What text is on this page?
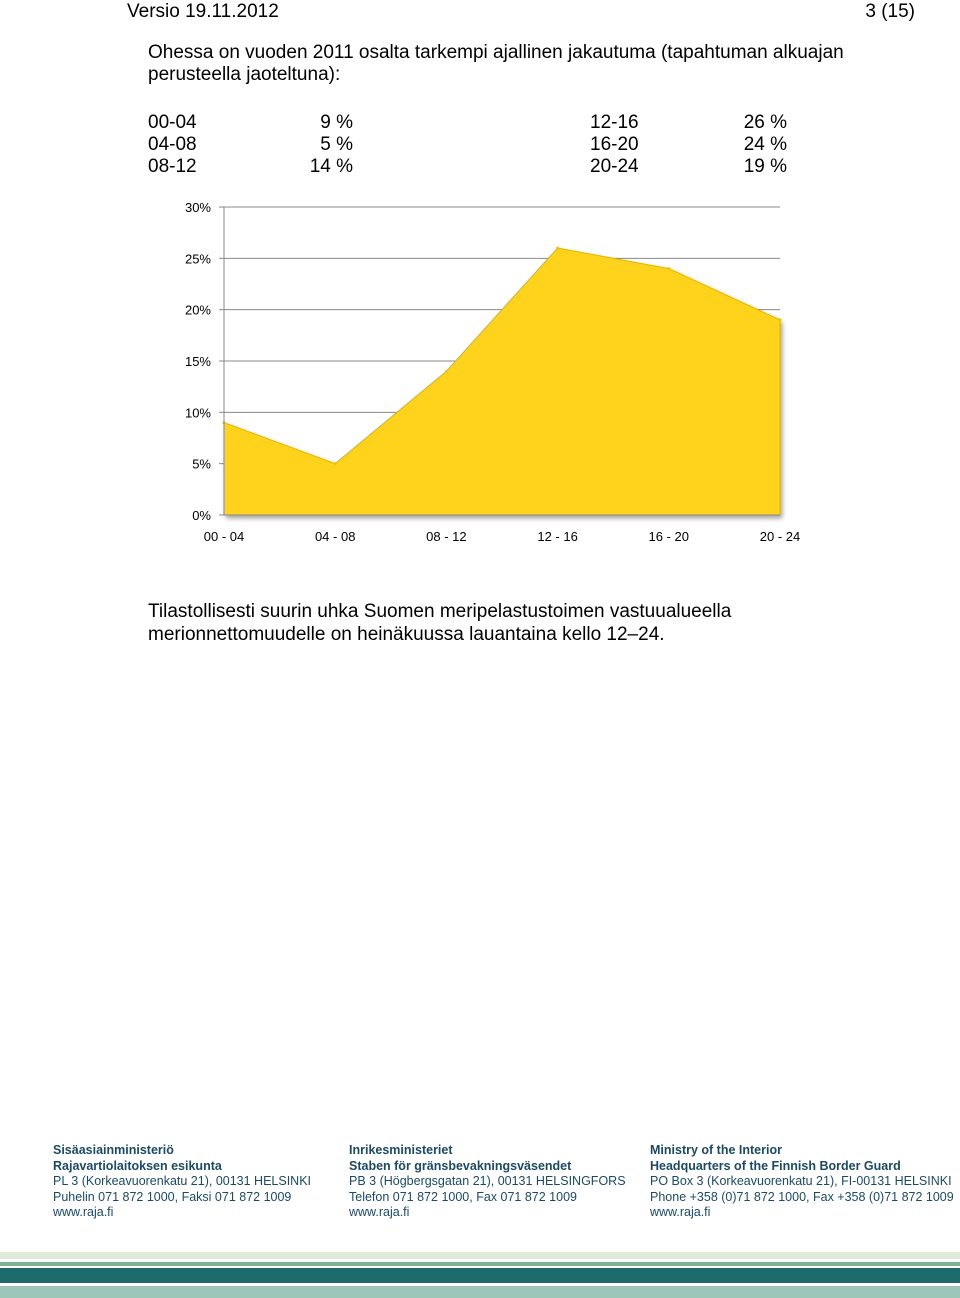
Versio 19.11.2012	3 (15)
Ohessa on vuoden 2011 osalta tarkempi ajallinen jakautuma (tapahtuman alkuajan perusteella jaoteltuna):
00-04	9 %
04-08	5 %
08-12	14 %
12-16	26 %
16-20	24 %
20-24	19 %
0%
5%
10%
15%
20%
25%
30%
00 - 04	04 - 08	08 - 12	12 - 16	16 - 20	20 - 24
Tilastollisesti suurin uhka Suomen meripelastustoimen vastuualueella merionnettomuudelle on heinäkuussa lauantaina kello 12–24.
Sisäasiainministeriö
Rajavartiolaitoksen esikunta
PL 3 (Korkeavuorenkatu 21), 00131 HELSINKI
Puhelin 071 872 1000, Faksi 071 872 1009
www.raja.fi
Inrikesministeriet
Staben för gränsbevakningsväsendet
PB 3 (Högbergsgatan 21), 00131 HELSINGFORS
Telefon 071 872 1000, Fax 071 872 1009
www.raja.fi
Ministry of the Interior
Headquarters of the Finnish Border Guard
PO Box 3 (Korkeavuorenkatu 21), FI-00131 HELSINKI
Phone +358 (0)71 872 1000, Fax +358 (0)71 872 1009
www.raja.fi
